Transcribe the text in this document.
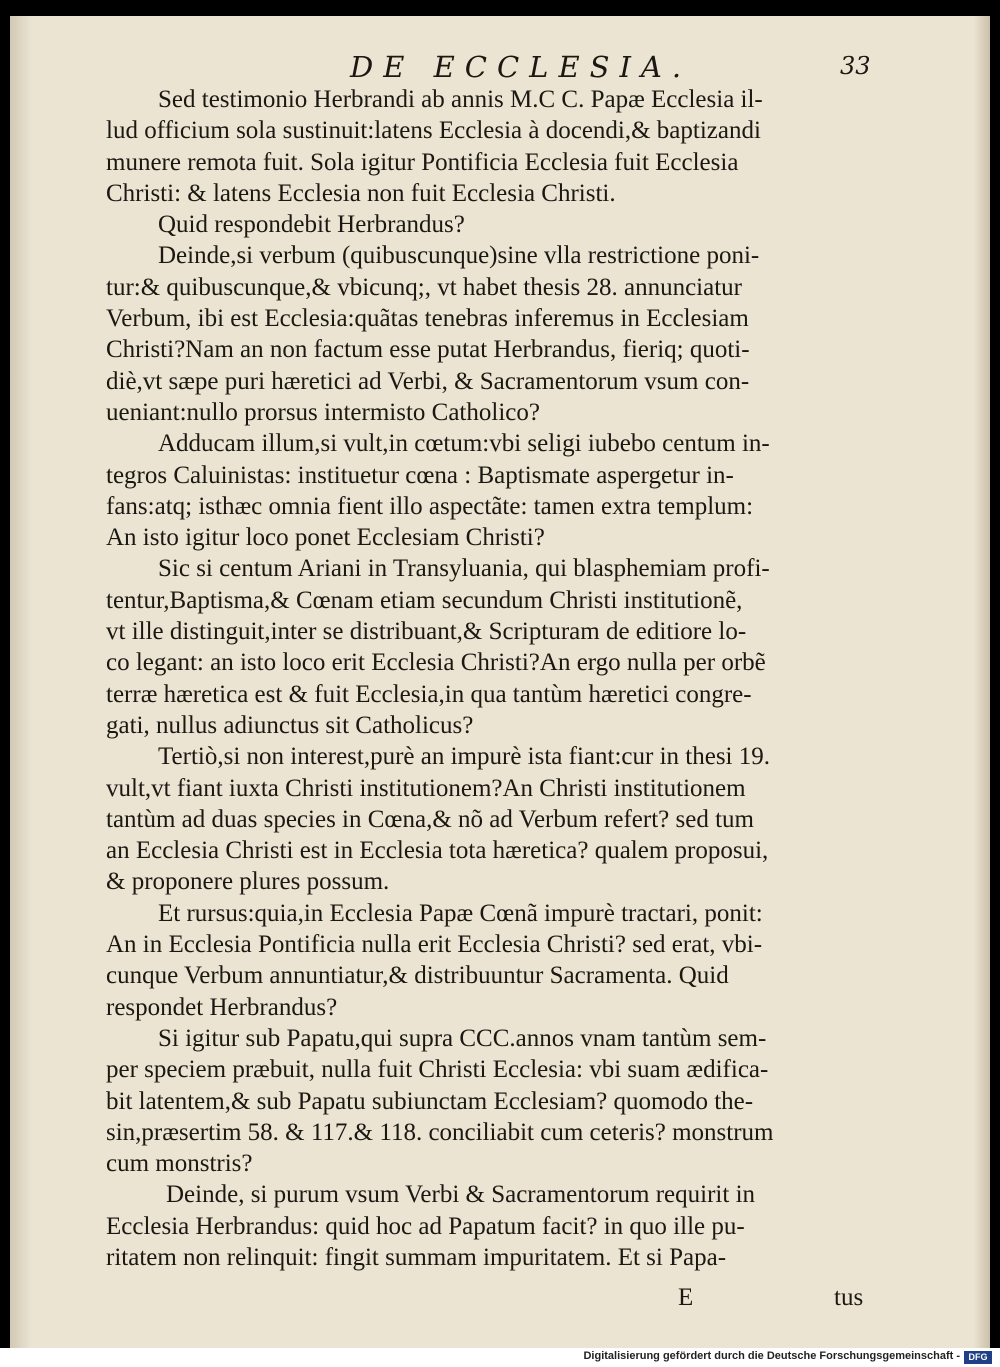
DE ECCLESIA.	33
Sed testimonio Herbrandi ab annis M.C C. Papæ Ecclesia il-
lud officium sola sustinuit:latens Ecclesia à docendi,& baptizandi
munere remota fuit. Sola igitur Pontificia Ecclesia fuit Ecclesia
Christi: & latens Ecclesia non fuit Ecclesia Christi.
Quid respondebit Herbrandus?
Deinde,si verbum (quibuscunque)sine vlla restrictione poni-
tur:& quibuscunque,& vbicunq;, vt habet thesis 28. annunciatur
Verbum, ibi est Ecclesia:quãtas tenebras inferemus in Ecclesiam
Christi?Nam an non factum esse putat Herbrandus, fieriq; quoti-
diè,vt sæpe puri hæretici ad Verbi, & Sacramentorum vsum con-
ueniant:nullo prorsus intermisto Catholico?
Adducam illum,si vult,in cœtum:vbi seligi iubebo centum in-
tegros Caluinistas: instituetur cœna : Baptismate aspergetur in-
fans:atq; isthæc omnia fient illo aspectãte: tamen extra templum:
An isto igitur loco ponet Ecclesiam Christi?
Sic si centum Ariani in Transyluania, qui blasphemiam profi-
tentur,Baptisma,& Cœnam etiam secundum Christi institutionẽ,
vt ille distinguit,inter se distribuant,& Scripturam de editiore lo-
co legant: an isto loco erit Ecclesia Christi?An ergo nulla per orbẽ
terræ hæretica est & fuit Ecclesia,in qua tantùm hæretici congre-
gati, nullus adiunctus sit Catholicus?
Tertiò,si non interest,purè an impurè ista fiant:cur in thesi 19.
vult,vt fiant iuxta Christi institutionem?An Christi institutionem
tantùm ad duas species in Cœna,& nõ ad Verbum refert? sed tum
an Ecclesia Christi est in Ecclesia tota hæretica? qualem proposui,
& proponere plures possum.
Et rursus:quia,in Ecclesia Papæ Cœnã impurè tractari, ponit:
An in Ecclesia Pontificia nulla erit Ecclesia Christi? sed erat, vbi-
cunque Verbum annuntiatur,& distribuuntur Sacramenta. Quid
respondet Herbrandus?
Si igitur sub Papatu,qui supra CCC.annos vnam tantùm sem-
per speciem præbuit, nulla fuit Christi Ecclesia: vbi suam ædifica-
bit latentem,& sub Papatu subiunctam Ecclesiam? quomodo the-
sin,præsertim 58. & 117.& 118. conciliabit cum ceteris? monstrum
cum monstris?
Deinde, si purum vsum Verbi & Sacramentorum requirit in
Ecclesia Herbrandus: quid hoc ad Papatum facit? in quo ille pu-
ritatem non relinquit: fingit summam impuritatem. Et si Papa-
E	tus
Digitalisierung gefördert durch die Deutsche Forschungsgemeinschaft - DFG
